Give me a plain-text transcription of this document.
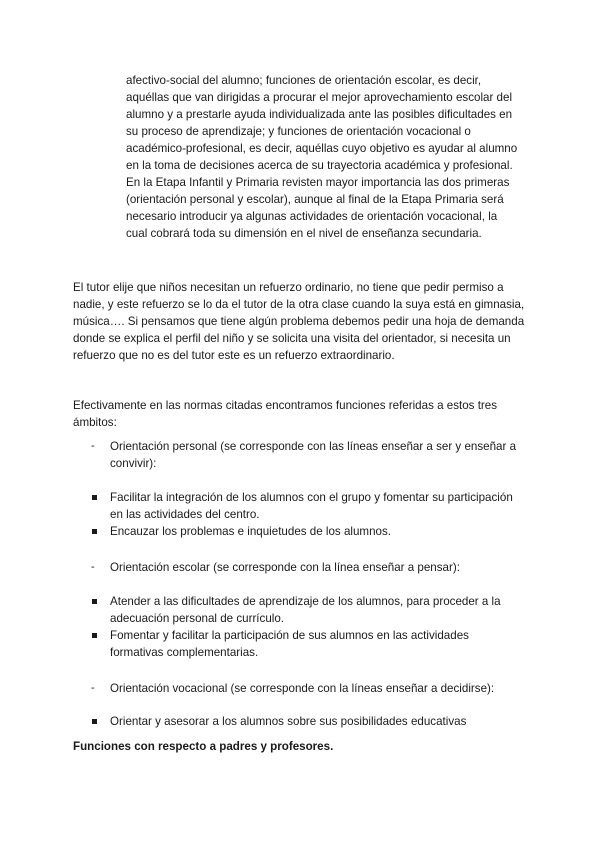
afectivo-social del alumno; funciones de orientación escolar, es decir,
aquéllas que van dirigidas a procurar el mejor aprovechamiento escolar del
alumno y a prestarle ayuda individualizada ante las posibles dificultades en
su proceso de aprendizaje; y funciones de orientación vocacional o
académico-profesional, es decir, aquéllas cuyo objetivo es ayudar al alumno
en la toma de decisiones acerca de su trayectoria académica y profesional.
En la Etapa Infantil y Primaria revisten mayor importancia las dos primeras
(orientación personal y escolar), aunque al final de la Etapa Primaria será
necesario introducir ya algunas actividades de orientación vocacional, la
cual cobrará toda su dimensión en el nivel de enseñanza secundaria.
El tutor elije que niños necesitan un refuerzo ordinario, no tiene que pedir permiso a
nadie, y este refuerzo se lo da el tutor de la otra clase cuando la suya está en gimnasia,
música…. Si pensamos que tiene algún problema debemos pedir una hoja de demanda
donde se explica el perfil del niño y se solicita una visita del orientador, si necesita un
refuerzo que no es del tutor este es un refuerzo extraordinario.
Efectivamente en las normas citadas encontramos funciones referidas a estos tres
ámbitos:
-	Orientación personal (se corresponde con las líneas enseñar a ser y enseñar a
convivir):
Facilitar la integración de los alumnos con el grupo y fomentar su participación
en las actividades del centro.
Encauzar los problemas e inquietudes de los alumnos.
-	Orientación escolar (se corresponde con la línea enseñar a pensar):
Atender a las dificultades de aprendizaje de los alumnos, para proceder a la
adecuación personal de currículo.
Fomentar y facilitar la participación de sus alumnos en las actividades
formativas complementarias.
-	Orientación vocacional (se corresponde con la líneas enseñar a decidirse):
Orientar y asesorar a los alumnos sobre sus posibilidades educativas
Funciones con respecto a padres y profesores.
